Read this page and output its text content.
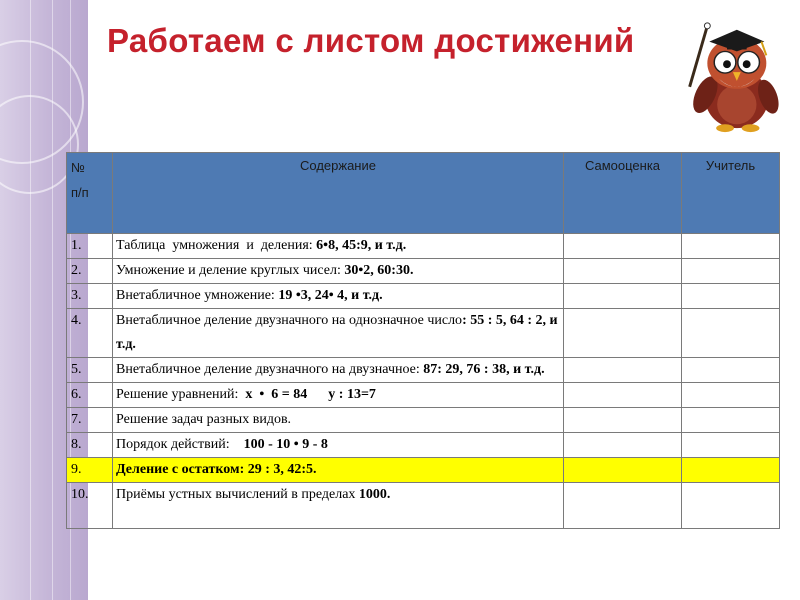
Работаем с листом достижений
№
п/п	Содержание	Самооценка	Учитель
1.	Таблица  умножения  и  деления: 6•8, 45:9, и т.д.		
2.	Умножение и деление круглых чисел: 30•2, 60:30.		
3.	Внетабличное умножение: 19 •3, 24• 4, и т.д.		
4.	Внетабличное деление двузначного на однозначное число: 55 : 5, 64 : 2, и т.д.		
5.	Внетабличное деление двузначного на двузначное: 87: 29, 76 : 38, и т.д.		
6.	Решение уравнений:  х  •  6 = 84      у : 13=7		
7.	Решение задач разных видов.		
8.	Порядок действий:    100 - 10 • 9 - 8		
9.	Деление с остатком: 29 : 3, 42:5.		
10.	Приёмы устных вычислений в пределах 1000.		
